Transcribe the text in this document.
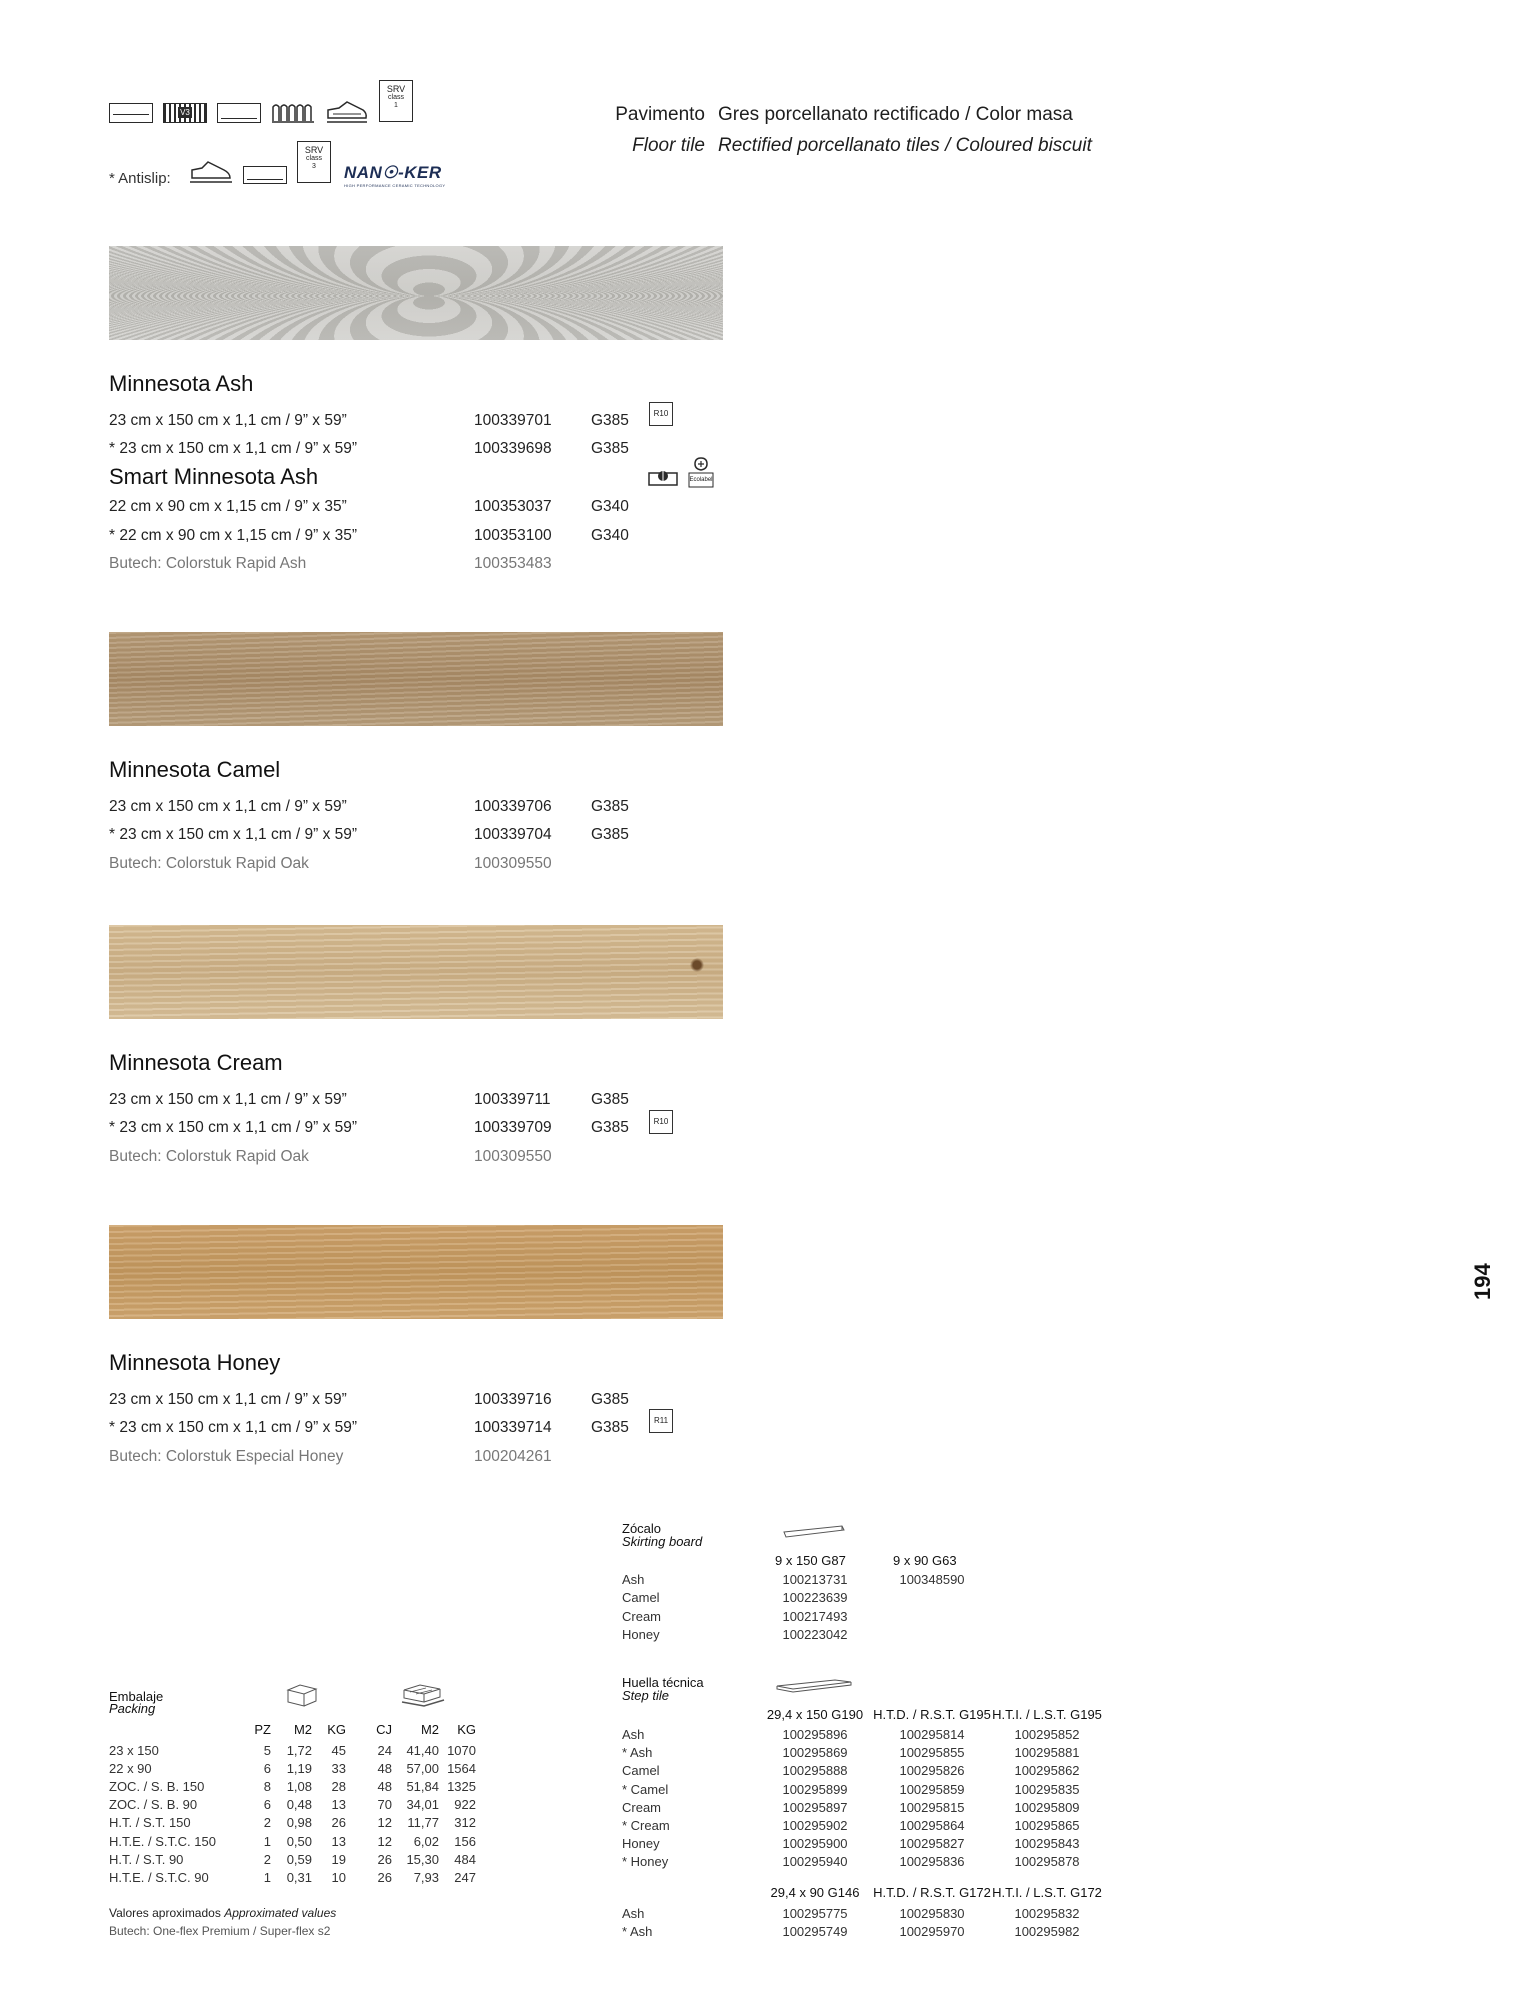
V3
SRV
class
1
* Antislip:
SRV
class
3	NAN☉-KER
HIGH PERFORMANCE CERAMIC TECHNOLOGY
Pavimento Gres porcellanato rectificado / Color masa
Floor tile Rectified porcellanato tiles / Coloured biscuit
Minnesota Ash
23 cm x 150 cm x 1,1 cm / 9” x 59”	100339701	G385
* 23 cm x 150 cm x 1,1 cm / 9” x 59”	100339698	G385
R10
Smart Minnesota Ash	Ecolabel
22 cm x 90 cm x 1,15 cm / 9” x 35”	100353037	G340
* 22 cm x 90 cm x 1,15 cm / 9” x 35”	100353100	G340
Butech: Colorstuk Rapid Ash	100353483
Minnesota Camel
23 cm x 150 cm x 1,1 cm / 9” x 59”	100339706	G385
* 23 cm x 150 cm x 1,1 cm / 9” x 59”	100339704	G385
Butech: Colorstuk Rapid Oak	100309550
Minnesota Cream
23 cm x 150 cm x 1,1 cm / 9” x 59”	100339711	G385
* 23 cm x 150 cm x 1,1 cm / 9” x 59”	100339709	G385	R10
Butech: Colorstuk Rapid Oak	100309550
Minnesota Honey
23 cm x 150 cm x 1,1 cm / 9” x 59”	100339716	G385
* 23 cm x 150 cm x 1,1 cm / 9” x 59”	100339714	G385	R11
Butech: Colorstuk Especial Honey	100204261
194
Zócalo
Skirting board
9 x 150 G87	9 x 90 G63
Ash	100213731	100348590
Camel	100223639
Cream	100217493
Honey	100223042
Huella técnica
Step tile
29,4 x 150 G190 H.T.D. / R.S.T. G195 H.T.I. / L.S.T. G195
Ash	100295896	100295814	100295852
* Ash	100295869	100295855	100295881
Camel	100295888	100295826	100295862
* Camel	100295899	100295859	100295835
Cream	100295897	100295815	100295809
* Cream	100295902	100295864	100295865
Honey	100295900	100295827	100295843
* Honey	100295940	100295836	100295878
29,4 x 90 G146 H.T.D. / R.S.T. G172 H.T.I. / L.S.T. G172
Ash	100295775	100295830	100295832
* Ash	100295749	100295970	100295982
Embalaje
Packing
PZ M2 KG CJ M2 KG
23 x 150	5 1,72 45 24 41,40 1070
22 x 90	6 1,19 33 48 57,00 1564
ZOC. / S. B. 150	8 1,08 28 48 51,84 1325
ZOC. / S. B. 90	6 0,48 13 70 34,01 922
H.T. / S.T. 150	2 0,98 26 12 11,77 312
H.T.E. / S.T.C. 150	1 0,50 13 12 6,02 156
H.T. / S.T. 90	2 0,59 19 26 15,30 484
H.T.E. / S.T.C. 90	1 0,31 10 26 7,93 247
Valores aproximados Approximated values
Butech: One-flex Premium / Super-flex s2
